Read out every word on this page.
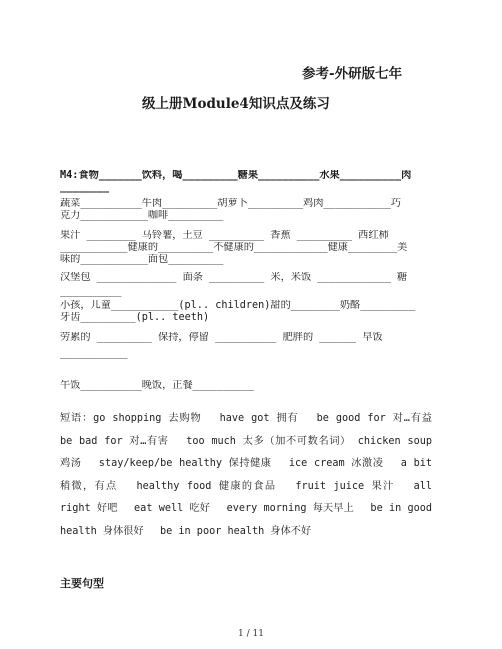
参考-外研版七年
级上册Module4知识点及练习
M4:食物_______饮料，喝_________糖果__________水果__________肉
________
蔬菜__________牛肉_________胡萝卜_________鸡肉___________巧
克力___________咖啡_________
果汁 ________ 马铃薯，土豆 _________ 香蕉 _________ 西红柿
___________健康的_________不健康的____________健康________美
味的___________面包_________
汉堡包 _____________ 面条 _________ 米，米饭 ____________ 糖
__________
小孩，儿童___________(pl.. children)甜的________奶酪_________
牙齿_________(pl.. teeth)
劳累的 _________ 保持，停留 __________ 肥胖的 ______ 早饭
___________
午饭__________晚饭，正餐__________
短语：go shopping 去购物　 have got 拥有　 be good for 对…有益　 be bad for 对…有害　 too much 太多（加不可数名词） chicken soup 鸡汤　 stay/keep/be healthy 保持健康　 ice cream 冰激凌　 a bit 稍微，有点　 healthy food 健康的食品　 fruit juice 果汁　 all right 好吧　 eat well 吃好　 every morning 每天早上　 be in good health 身体很好　 be in poor health 身体不好
主要句型
1 / 11
